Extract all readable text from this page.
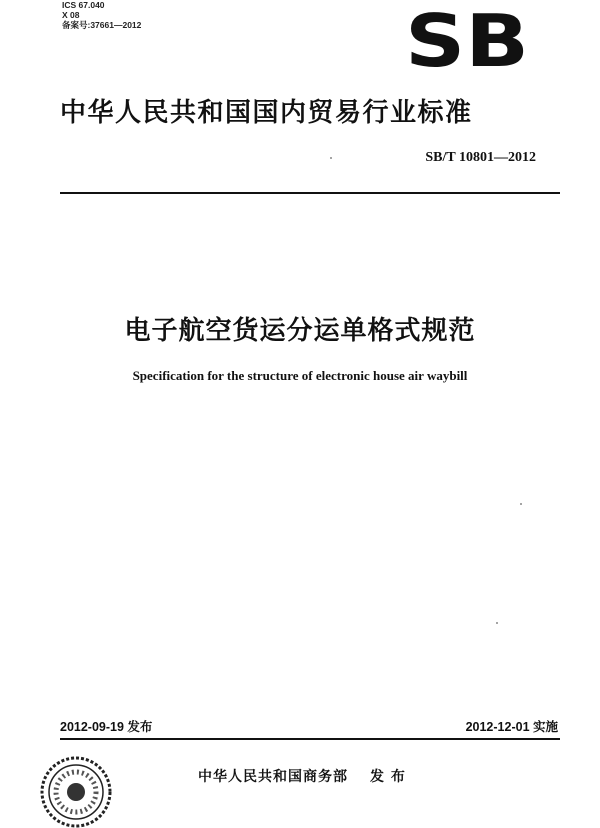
ICS 67.040
X 08
备案号:37661—2012	SB
中华人民共和国国内贸易行业标准
SB/T 10801—2012
电子航空货运分运单格式规范
Specification for the structure of electronic house air waybill
2012-09-19 发布	2012-12-01 实施
中华人民共和国商务部 发 布
